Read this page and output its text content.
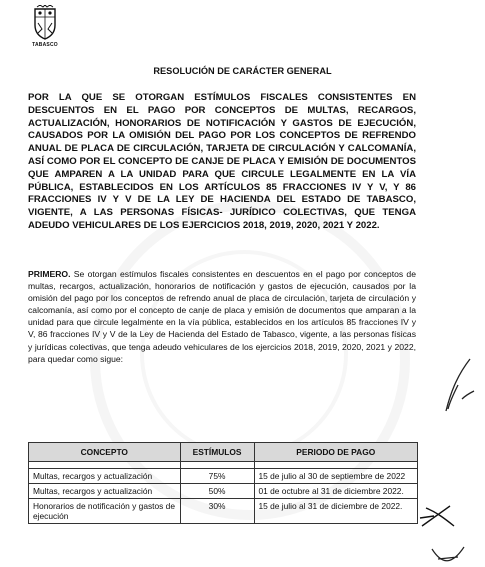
TABASCO
RESOLUCIÓN DE CARÁCTER GENERAL
POR LA QUE SE OTORGAN ESTÍMULOS FISCALES CONSISTENTES EN DESCUENTOS EN EL PAGO POR CONCEPTOS DE MULTAS, RECARGOS, ACTUALIZACIÓN, HONORARIOS DE NOTIFICACIÓN Y GASTOS DE EJECUCIÓN, CAUSADOS POR LA OMISIÓN DEL PAGO POR LOS CONCEPTOS DE REFRENDO ANUAL DE PLACA DE CIRCULACIÓN, TARJETA DE CIRCULACIÓN Y CALCOMANÍA, ASÍ COMO POR EL CONCEPTO DE CANJE DE PLACA Y EMISIÓN DE DOCUMENTOS QUE AMPAREN A LA UNIDAD PARA QUE CIRCULE LEGALMENTE EN LA VÍA PÚBLICA, ESTABLECIDOS EN LOS ARTÍCULOS 85 FRACCIONES IV Y V, Y 86 FRACCIONES IV Y V DE LA LEY DE HACIENDA DEL ESTADO DE TABASCO, VIGENTE, A LAS PERSONAS FÍSICAS- JURÍDICO COLECTIVAS, QUE TENGA ADEUDO VEHICULARES DE LOS EJERCICIOS 2018, 2019, 2020, 2021 Y 2022.
PRIMERO. Se otorgan estímulos fiscales consistentes en descuentos en el pago por conceptos de multas, recargos, actualización, honorarios de notificación y gastos de ejecución, causados por la omisión del pago por los conceptos de refrendo anual de placa de circulación, tarjeta de circulación y calcomanía, así como por el concepto de canje de placa y emisión de documentos que amparan a la unidad para que circule legalmente en la vía pública, establecidos en los artículos 85 fracciones IV y V, 86 fracciones IV y V de la Ley de Hacienda del Estado de Tabasco, vigente, a las personas físicas y jurídicas colectivas, que tenga adeudo vehiculares de los ejercicios 2018, 2019, 2020, 2021 y 2022, para quedar como sigue:
CONCEPTO	ESTÍMULOS	PERIODO DE PAGO

Multas, recargos y actualización	75%	15 de julio al 30 de septiembre de 2022
Multas, recargos y actualización	50%	01 de octubre al 31 de diciembre 2022.
Honorarios de notificación y gastos de ejecución	30%	15 de julio al 31 de diciembre de 2022.
